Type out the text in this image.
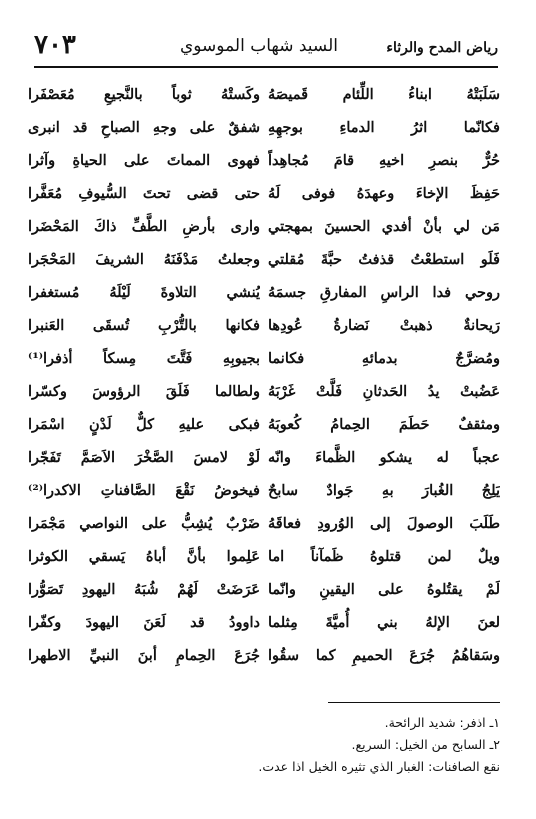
رياض المدح والرثاء
السيد شهاب الموسوي
٧٠٣
سَلَبَتْهُ ابناءُ اللِّئام قَميصَهُ
وكَستْهُ ثوباً بالنَّجيعِ مُعَصْفَرا
فكانّما اثرُ الدماءِ بوجهِهِ
شفقٌ على وجهِ الصباحِ قد انبرى
حُرٌّ بنصرِ اخيهِ قامَ مُجاهِداً
فهوى المماتَ على الحياةِ وآثرا
حَفِظَ الإخاءَ وعهدَهُ فوفى لَهُ
حتى قضى تحتَ السُّيوفِ مُعَفَّرا
مَن لي بأنْ أفدي الحسينَ بمهجتي
وارى بأرضِ الطَّفِّ ذاكَ المَحْضَرا
فَلَو استطعْتُ قذفتُ حبَّةَ مُقلتي
وجعلتُ مَدْفَنَهُ الشريفَ المَحْجَرا
روحي فدا الراسِ المفارقِ جسمَهُ
يُنشي التلاوةَ لَيْلَهُ مُستغفرا
رَيحانةٌ ذهبتْ نَضارةُ عُودِها
فكانها بالتُّرْبِ تُسقَى العَنبرا
ومُضرَّجٌ بدمائهِ فكانما
بجيوبِهِ فَتَّتَ مِسكاً أذفرا⁽¹⁾
عَضُبتْ يدُ الحَدثانِ فَلَّتْ غَرْبَهُ
ولطالما فَلَقَ الرؤوسَ وكسّرا
ومثقفٌ حَطَمَ الحِمامُ كُعوبَهُ
فبكى عليهِ كلٌّ لَدْنٍ اسْمَرا
عجباً له يشكو الظَّماءَ وانّه
لَوْ لامسَ الصَّخْرَ الاَصَمَّ تَفَجّرا
يَلِجُ الغُبارَ بهِ جَوادٌ سابحٌ
فيخوضُ نَقْعَ الصَّافناتِ الاكدرا⁽²⁾
طَلَبَ الوصولَ إلى الوُرودِ فعاقَهُ
ضَرْبٌ يُشِبُّ على النواصي مَجْمَرا
ويلٌ لمن قتلوهُ ظَمآناً اما
عَلِموا بأنَّ أباهُ يَسقي الكوثرا
لَمْ يقتُلوهُ على اليقينِ وانّما
عَرَضَتْ لَهُمْ شُبَهُ اليهودِ تَصَوُّرا
لعنَ الإلهُ بني أُميَّةَ مِثلما
داوودُ قد لَعَنَ اليهودَ وكفّرا
وسَقاهُمُ جُرَعَ الحميمِ كما سقُوا
جُرَعَ الحِمامِ أبنَ النبيِّ الاطهرا
١ـ اذفر: شديد الرائحة.
٢ـ السابح من الخيل: السريع.
نقع الصافنات: الغبار الذي تثيره الخيل اذا عدت.
